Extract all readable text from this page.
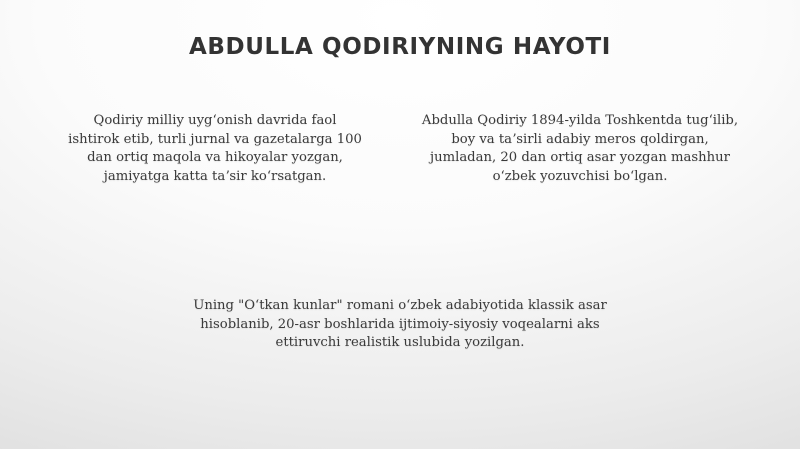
ABDULLA QODIRIYNING HAYOTI

Qodiriy milliy uygʻonish davrida faol
ishtirok etib, turli jurnal va gazetalarga 100
dan ortiq maqola va hikoyalar yozgan,
jamiyatga katta taʼsir koʻrsatgan.

Abdulla Qodiriy 1894-yilda Toshkentda tugʻilib,
boy va taʼsirli adabiy meros qoldirgan,
jumladan, 20 dan ortiq asar yozgan mashhur
oʻzbek yozuvchisi boʻlgan.

Uning "Oʻtkan kunlar" romani oʻzbek adabiyotida klassik asar
hisoblanib, 20-asr boshlarida ijtimoiy-siyosiy voqealarni aks
ettiruvchi realistik uslubida yozilgan.
